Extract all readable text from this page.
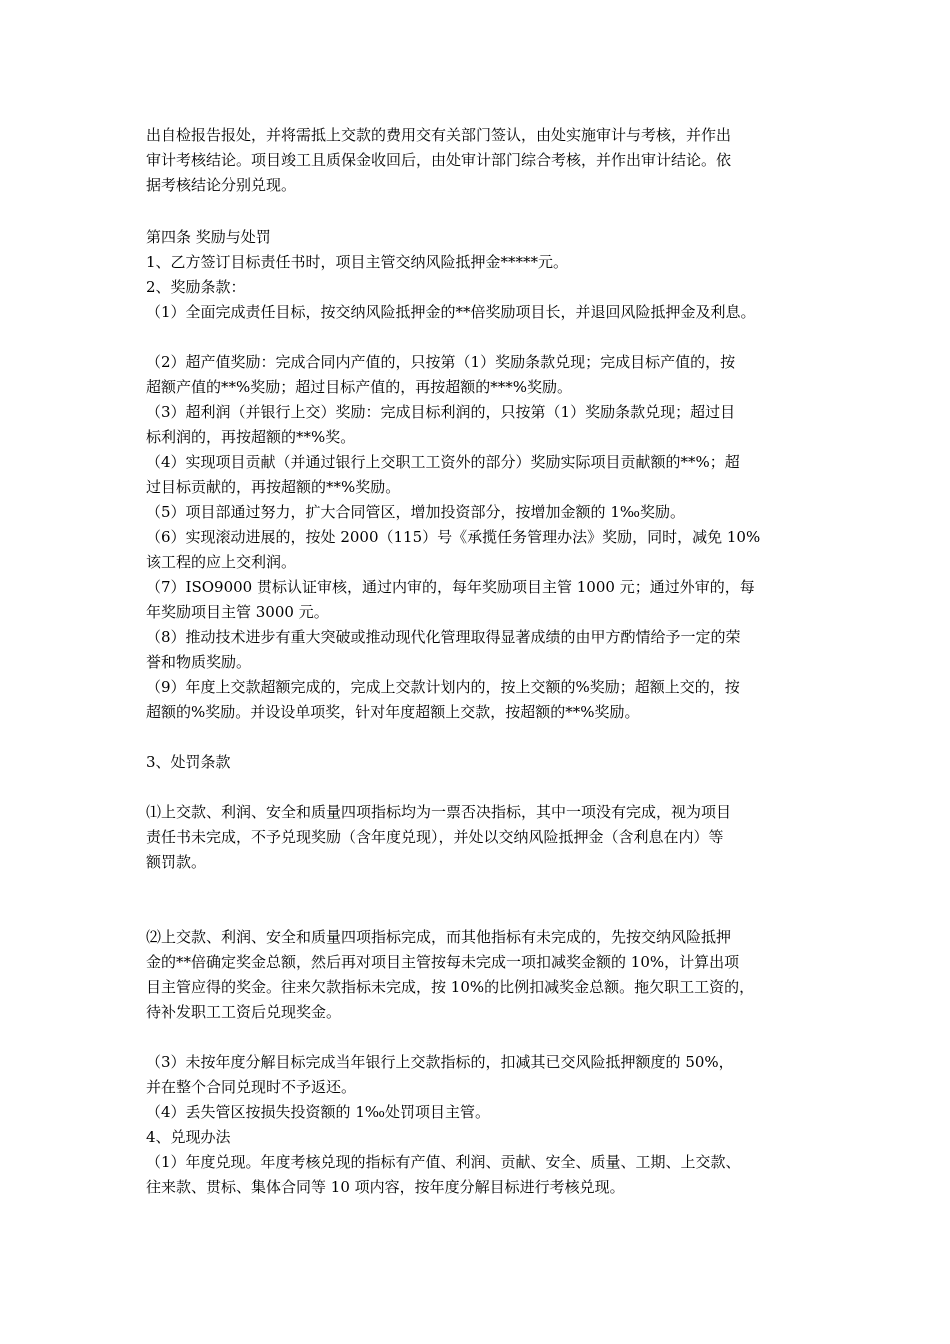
出自检报告报处，并将需抵上交款的费用交有关部门签认，由处实施审计与考核，并作出
审计考核结论。项目竣工且质保金收回后，由处审计部门综合考核，并作出审计结论。依
据考核结论分别兑现。
第四条 奖励与处罚
1、乙方签订目标责任书时，项目主管交纳风险抵押金*****元。
2、奖励条款：
（1）全面完成责任目标，按交纳风险抵押金的**倍奖励项目长，并退回风险抵押金及利息。
（2）超产值奖励：完成合同内产值的，只按第（1）奖励条款兑现；完成目标产值的，按
超额产值的**%奖励；超过目标产值的，再按超额的***%奖励。
（3）超利润（并银行上交）奖励：完成目标利润的，只按第（1）奖励条款兑现；超过目
标利润的，再按超额的**%奖。
（4）实现项目贡献（并通过银行上交职工工资外的部分）奖励实际项目贡献额的**%；超
过目标贡献的，再按超额的**%奖励。
（5）项目部通过努力，扩大合同管区，增加投资部分，按增加金额的 1‰奖励。
（6）实现滚动进展的，按处 2000（115）号《承揽任务管理办法》奖励，同时，减免 10%
该工程的应上交利润。
（7）ISO9000 贯标认证审核，通过内审的，每年奖励项目主管 1000 元；通过外审的，每
年奖励项目主管 3000 元。
（8）推动技术进步有重大突破或推动现代化管理取得显著成绩的由甲方酌情给予一定的荣
誉和物质奖励。
（9）年度上交款超额完成的，完成上交款计划内的，按上交额的%奖励；超额上交的，按
超额的%奖励。并设设单项奖，针对年度超额上交款，按超额的**%奖励。
3、处罚条款
⑴上交款、利润、安全和质量四项指标均为一票否决指标，其中一项没有完成，视为项目
责任书未完成，不予兑现奖励（含年度兑现），并处以交纳风险抵押金（含利息在内）等
额罚款。
⑵上交款、利润、安全和质量四项指标完成，而其他指标有未完成的，先按交纳风险抵押
金的**倍确定奖金总额，然后再对项目主管按每未完成一项扣减奖金额的 10%，计算出项
目主管应得的奖金。往来欠款指标未完成，按 10%的比例扣减奖金总额。拖欠职工工资的，
待补发职工工资后兑现奖金。
（3）未按年度分解目标完成当年银行上交款指标的，扣减其已交风险抵押额度的 50%，
并在整个合同兑现时不予返还。
（4）丢失管区按损失投资额的 1‰处罚项目主管。
4、兑现办法
（1）年度兑现。年度考核兑现的指标有产值、利润、贡献、安全、质量、工期、上交款、
往来款、贯标、集体合同等 10 项内容，按年度分解目标进行考核兑现。
